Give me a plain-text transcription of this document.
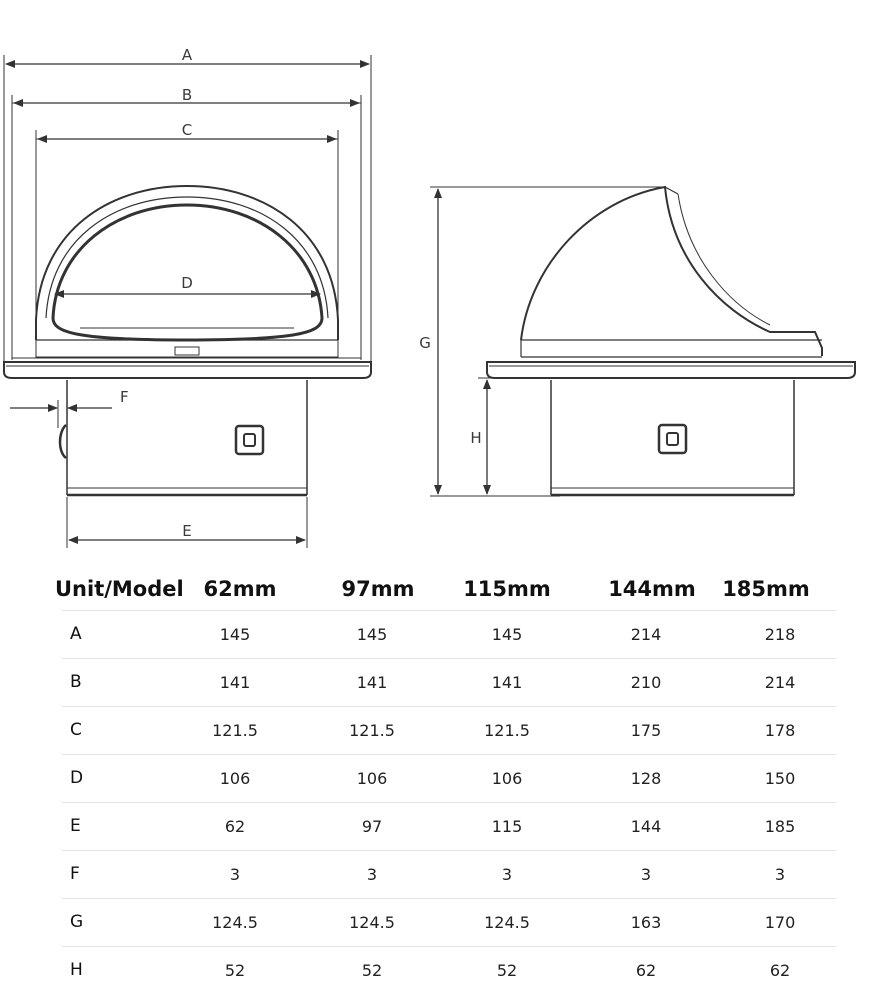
A
B
C
D
F
E
G
H
Unit/Model 62mm	97mm	115mm	144mm	185mm
A	145	145	145	214	218
B	141	141	141	210	214
C	121.5	121.5	121.5	175	178
D	106	106	106	128	150
E	62	97	115	144	185
F	3	3	3	3	3
G	124.5	124.5	124.5	163	170
H	52	52	52	62	62
